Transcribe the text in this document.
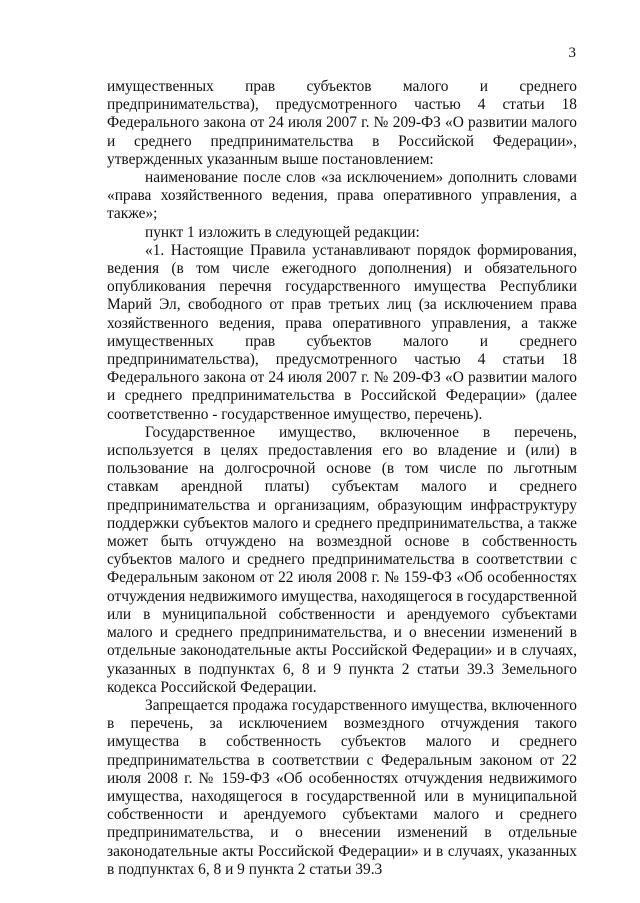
3

имущественных прав субъектов малого и среднего предпринимательства), предусмотренного частью 4 статьи 18 Федерального закона от 24 июля 2007 г. № 209-ФЗ «О развитии малого и среднего предпринимательства в Российской Федерации», утвержденных указанным выше постановлением:

наименование после слов «за исключением» дополнить словами «права хозяйственного ведения, права оперативного управления, а также»;

пункт 1 изложить в следующей редакции:

«1. Настоящие Правила устанавливают порядок формирования, ведения (в том числе ежегодного дополнения) и обязательного опубликования перечня государственного имущества Республики Марий Эл, свободного от прав третьих лиц (за исключением права хозяйственного ведения, права оперативного управления, а также имущественных прав субъектов малого и среднего предпринимательства), предусмотренного частью 4 статьи 18 Федерального закона от 24 июля 2007 г. № 209-ФЗ «О развитии малого и среднего предпринимательства в Российской Федерации» (далее соответственно - государственное имущество, перечень).

Государственное имущество, включенное в перечень, используется в целях предоставления его во владение и (или) в пользование на долгосрочной основе (в том числе по льготным ставкам арендной платы) субъектам малого и среднего предпринимательства и организациям, образующим инфраструктуру поддержки субъектов малого и среднего предпринимательства, а также может быть отчуждено на возмездной основе в собственность субъектов малого и среднего предпринимательства в соответствии с Федеральным законом от 22 июля 2008 г. № 159-ФЗ «Об особенностях отчуждения недвижимого имущества, находящегося в государственной или в муниципальной собственности и арендуемого субъектами малого и среднего предпринимательства, и о внесении изменений в отдельные законодательные акты Российской Федерации» и в случаях, указанных в подпунктах 6, 8 и 9 пункта 2 статьи 39.3 Земельного кодекса Российской Федерации.

Запрещается продажа государственного имущества, включенного в перечень, за исключением возмездного отчуждения такого имущества в собственность субъектов малого и среднего предпринимательства в соответствии с Федеральным законом от 22 июля 2008 г. № 159-ФЗ «Об особенностях отчуждения недвижимого имущества, находящегося в государственной или в муниципальной собственности и арендуемого субъектами малого и среднего предпринимательства, и о внесении изменений в отдельные законодательные акты Российской Федерации» и в случаях, указанных в подпунктах 6, 8 и 9 пункта 2 статьи 39.3
